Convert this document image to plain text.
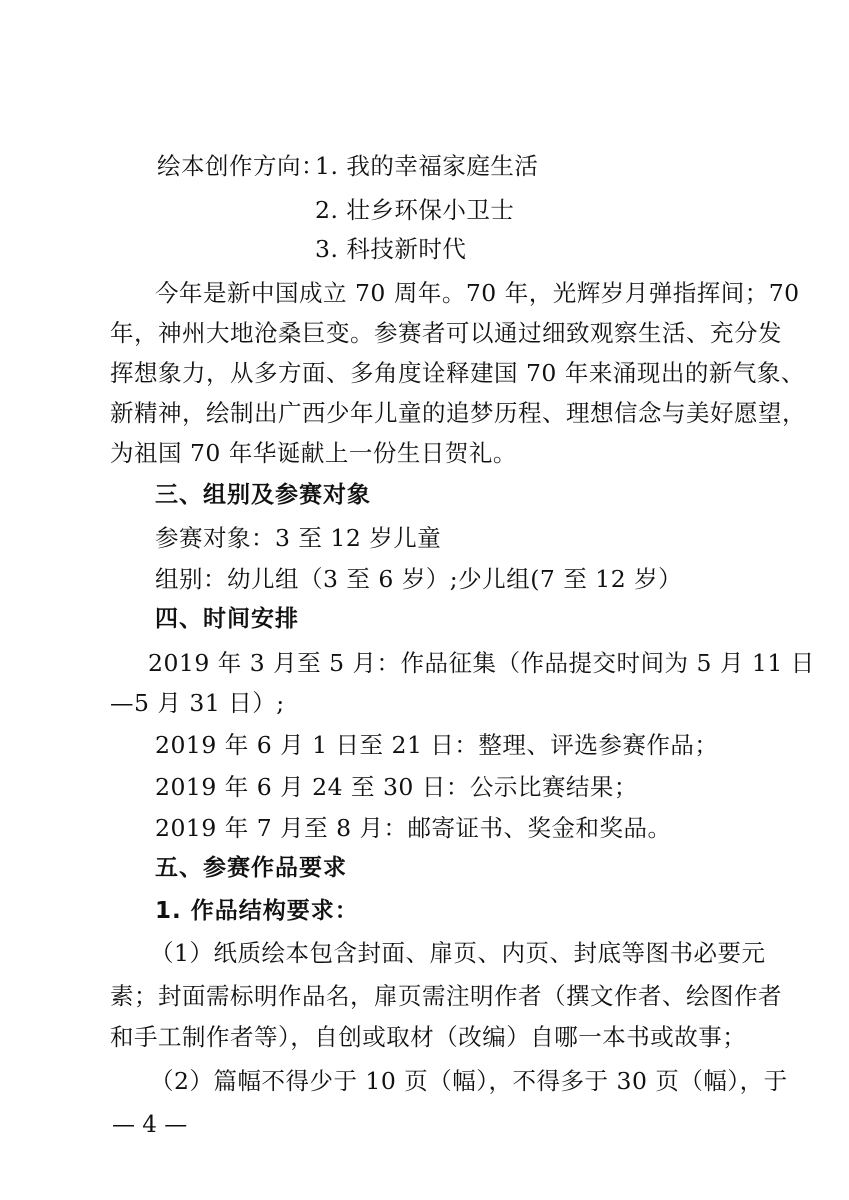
绘本创作方向：
1. 我的幸福家庭生活
2. 壮乡环保小卫士
3. 科技新时代
今年是新中国成立 70 周年。70 年，光辉岁月弹指挥间；70
年，神州大地沧桑巨变。参赛者可以通过细致观察生活、充分发
挥想象力，从多方面、多角度诠释建国 70 年来涌现出的新气象、
新精神，绘制出广西少年儿童的追梦历程、理想信念与美好愿望，
为祖国 70 年华诞献上一份生日贺礼。
三、组别及参赛对象
参赛对象：3 至 12 岁儿童
组别：幼儿组（3 至 6 岁）;少儿组(7 至 12 岁）
四、时间安排
2019 年 3 月至 5 月：作品征集（作品提交时间为 5 月 11 日
—5 月 31 日）;
2019 年 6 月 1 日至 21 日：整理、评选参赛作品；
2019 年 6 月 24 至 30 日：公示比赛结果；
2019 年 7 月至 8 月：邮寄证书、奖金和奖品。
五、参赛作品要求
1. 作品结构要求：
（1）纸质绘本包含封面、扉页、内页、封底等图书必要元
素；封面需标明作品名，扉页需注明作者（撰文作者、绘图作者
和手工制作者等），自创或取材（改编）自哪一本书或故事；
（2）篇幅不得少于 10 页（幅），不得多于 30 页（幅），于
— 4 —
